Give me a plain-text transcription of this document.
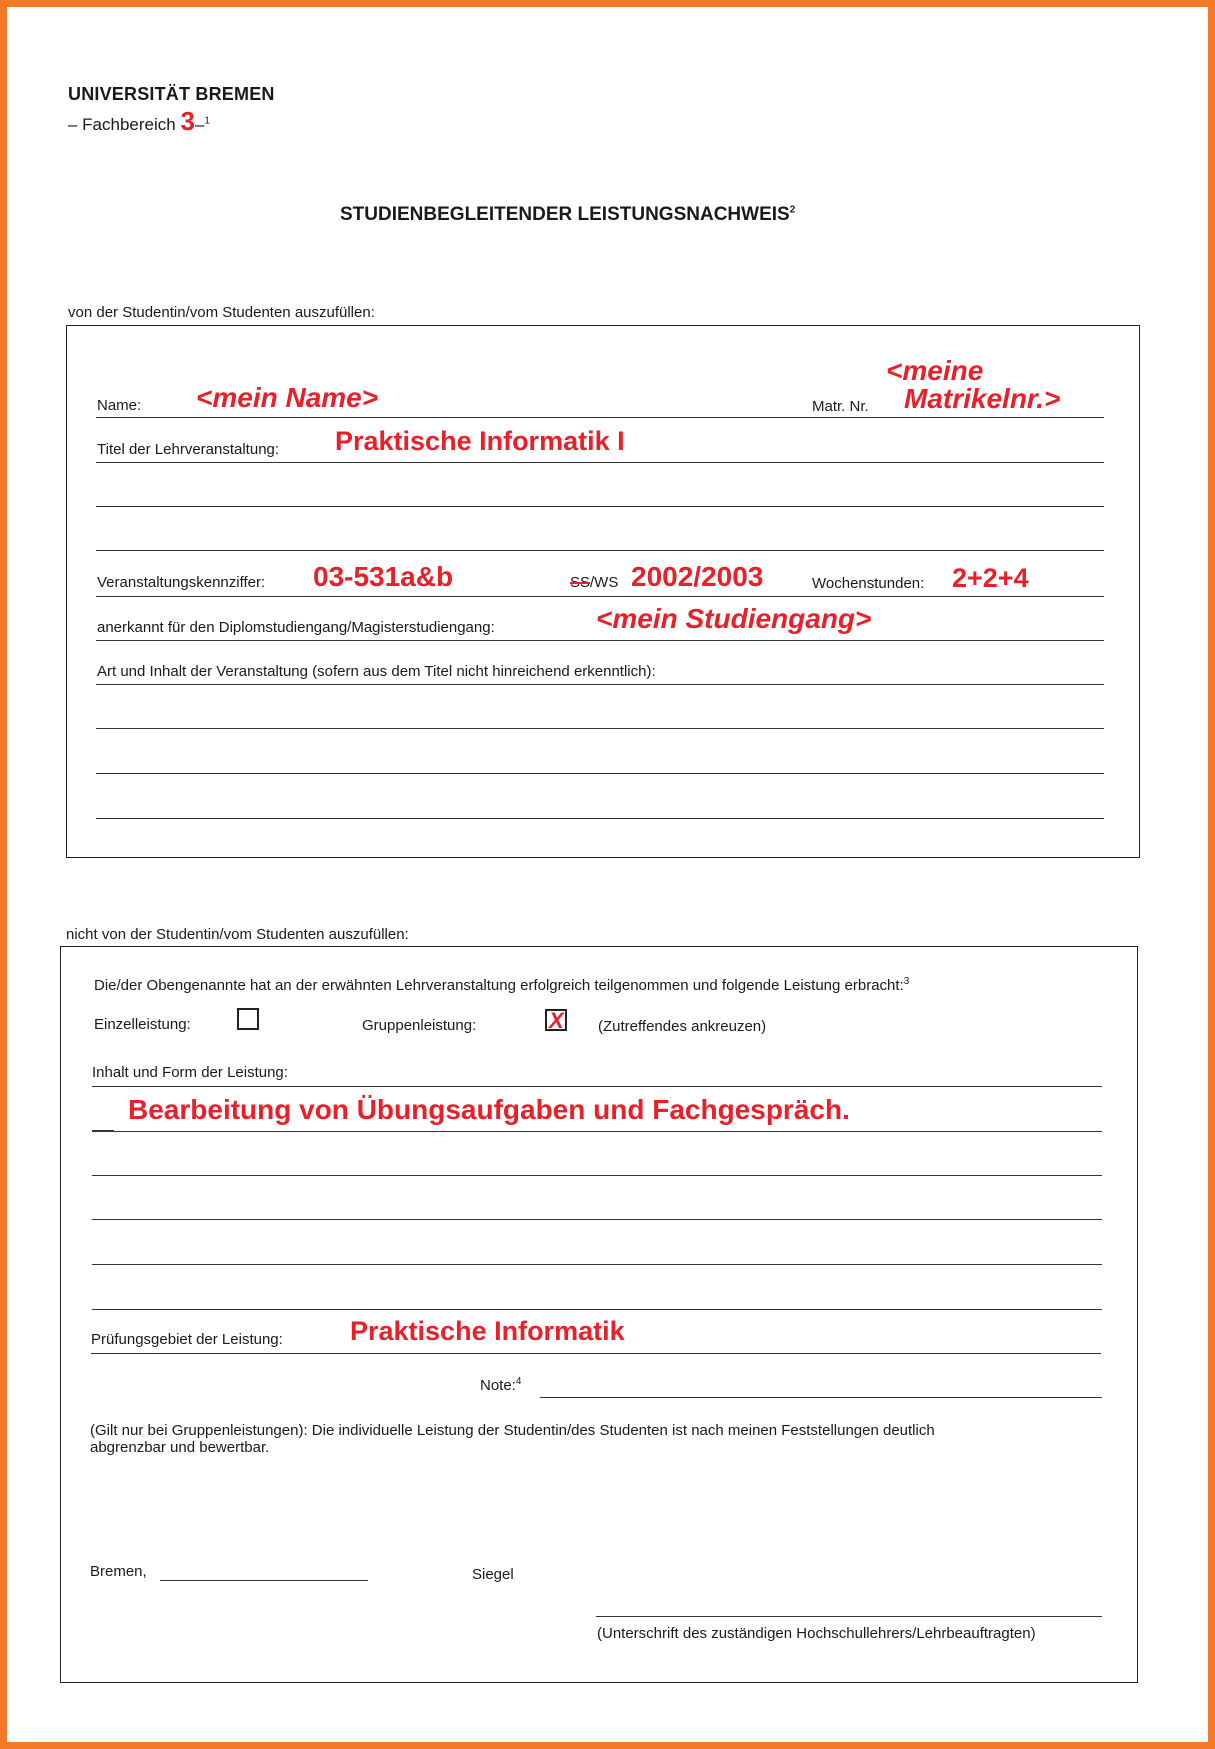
UNIVERSITÄT BREMEN
– Fachbereich 3–$^1$
STUDIENBEGLEITENDER LEISTUNGSNACHWEIS$^2$
von der Studentin/vom Studenten auszufüllen:
Name: <mein Name>	Matr. Nr.
<meine
Matrikelnr.>
Titel der Lehrveranstaltung: Praktische Informatik I
Veranstaltungskennziffer: 03-531a&b	SS/WS 2002/2003	Wochenstunden: 2+2+4
anerkannt für den Diplomstudiengang/Magisterstudiengang:	<mein Studiengang>
Art und Inhalt der Veranstaltung (sofern aus dem Titel nicht hinreichend erkenntlich):
nicht von der Studentin/vom Studenten auszufüllen:
Die/der Obengenannte hat an der erwähnten Lehrveranstaltung erfolgreich teilgenommen und folgende Leistung erbracht:$^3$
Einzelleistung:	Gruppenleistung:	X (Zutreffendes ankreuzen)
Inhalt und Form der Leistung:
Bearbeitung von Übungsaufgaben und Fachgespräch.
Prüfungsgebiet der Leistung: Praktische Informatik
Note:$^4$
(Gilt nur bei Gruppenleistungen): Die individuelle Leistung der Studentin/des Studenten ist nach meinen Feststellungen deutlich
abgrenzbar und bewertbar.
Bremen,	Siegel
(Unterschrift des zuständigen Hochschullehrers/Lehrbeauftragten)
